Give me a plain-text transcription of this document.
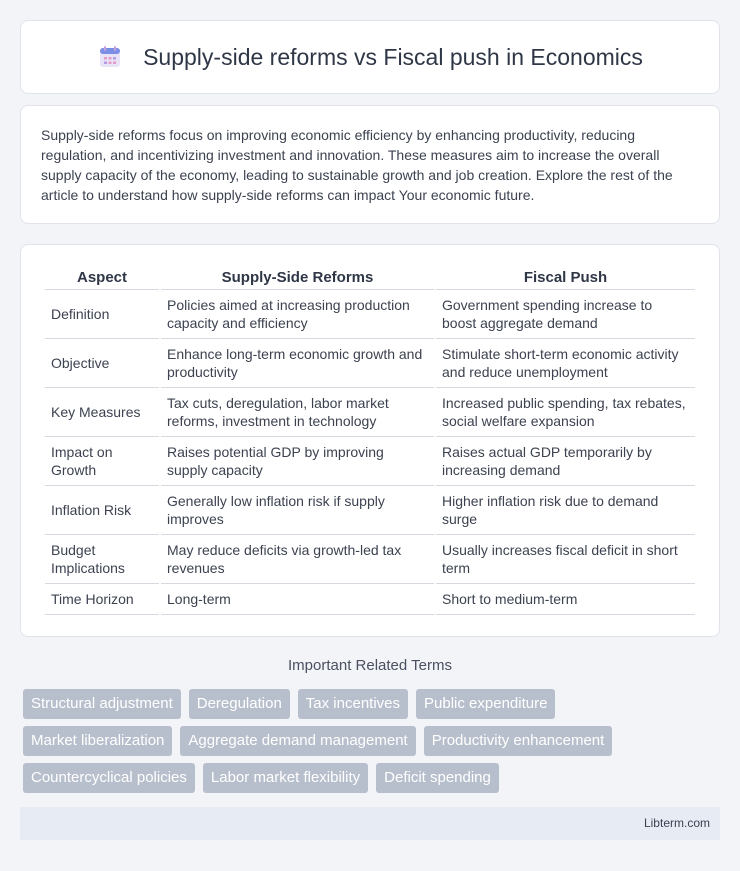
Supply-side reforms vs Fiscal push in Economics

Supply-side reforms focus on improving economic efficiency by enhancing productivity, reducing regulation, and incentivizing investment and innovation. These measures aim to increase the overall supply capacity of the economy, leading to sustainable growth and job creation. Explore the rest of the article to understand how supply-side reforms can impact Your economic future.

Aspect	Supply-Side Reforms	Fiscal Push
Definition	Policies aimed at increasing production capacity and efficiency	Government spending increase to boost aggregate demand
Objective	Enhance long-term economic growth and productivity	Stimulate short-term economic activity and reduce unemployment
Key Measures	Tax cuts, deregulation, labor market reforms, investment in technology	Increased public spending, tax rebates, social welfare expansion
Impact on Growth	Raises potential GDP by improving supply capacity	Raises actual GDP temporarily by increasing demand
Inflation Risk	Generally low inflation risk if supply improves	Higher inflation risk due to demand surge
Budget Implications	May reduce deficits via growth-led tax revenues	Usually increases fiscal deficit in short term
Time Horizon	Long-term	Short to medium-term
Important Related Terms
Structural adjustment	Deregulation	Tax incentives	Public expenditure
Market liberalization	Aggregate demand management	Productivity enhancement
Countercyclical policies	Labor market flexibility	Deficit spending
Libterm.com
